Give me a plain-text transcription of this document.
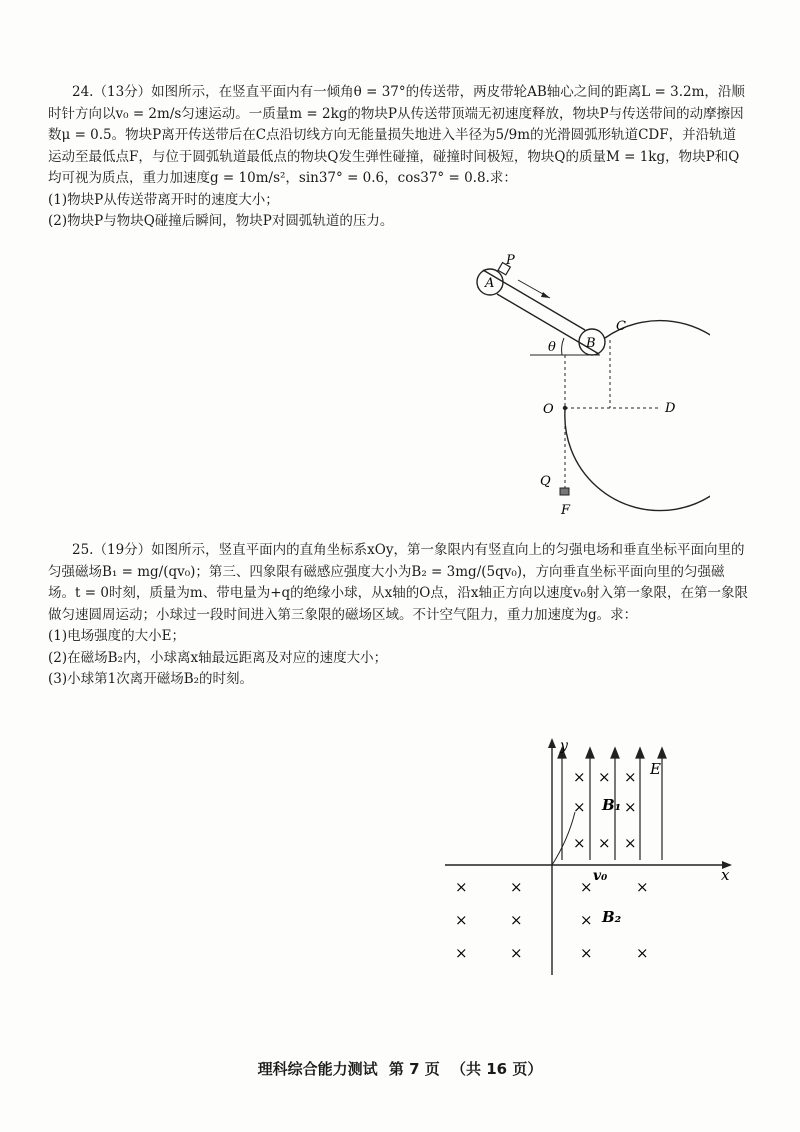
24.（13分）如图所示，在竖直平面内有一倾角θ = 37°的传送带，两皮带轮AB轴心之间的距离L = 3.2m，沿顺时针方向以v₀ = 2m/s匀速运动。一质量m = 2kg的物块P从传送带顶端无初速度释放，物块P与传送带间的动摩擦因数μ = 0.5。物块P离开传送带后在C点沿切线方向无能量损失地进入半径为5/9m的光滑圆弧形轨道CDF，并沿轨道运动至最低点F，与位于圆弧轨道最低点的物块Q发生弹性碰撞，碰撞时间极短，物块Q的质量M = 1kg，物块P和Q均可视为质点，重力加速度g = 10m/s²，sin37° = 0.6，cos37° = 0.8.求：

(1)物块P从传送带离开时的速度大小；

(2)物块P与物块Q碰撞后瞬间，物块P对圆弧轨道的压力。

P
A
B
C
D
O
Q
F
θ

25.（19分）如图所示，竖直平面内的直角坐标系xOy，第一象限内有竖直向上的匀强电场和垂直坐标平面向里的匀强磁场B₁ = mg/(qv₀)；第三、四象限有磁感应强度大小为B₂ = 3mg/(5qv₀)，方向垂直坐标平面向里的匀强磁场。t = 0时刻，质量为m、带电量为+q的绝缘小球，从x轴的O点，沿x轴正方向以速度v₀射入第一象限，在第一象限做匀速圆周运动；小球过一段时间进入第三象限的磁场区域。不计空气阻力，重力加速度为g。求：

(1)电场强度的大小E；

(2)在磁场B₂内，小球离x轴最远距离及对应的速度大小；

(3)小球第1次离开磁场B₂的时刻。

× × ×
×	×
× × ×
×	×	×	×
×	×	×
×	×	×	×
y
x
E
B₁
B₂
v₀
理科综合能力测试 第 7 页 （共 16 页）
